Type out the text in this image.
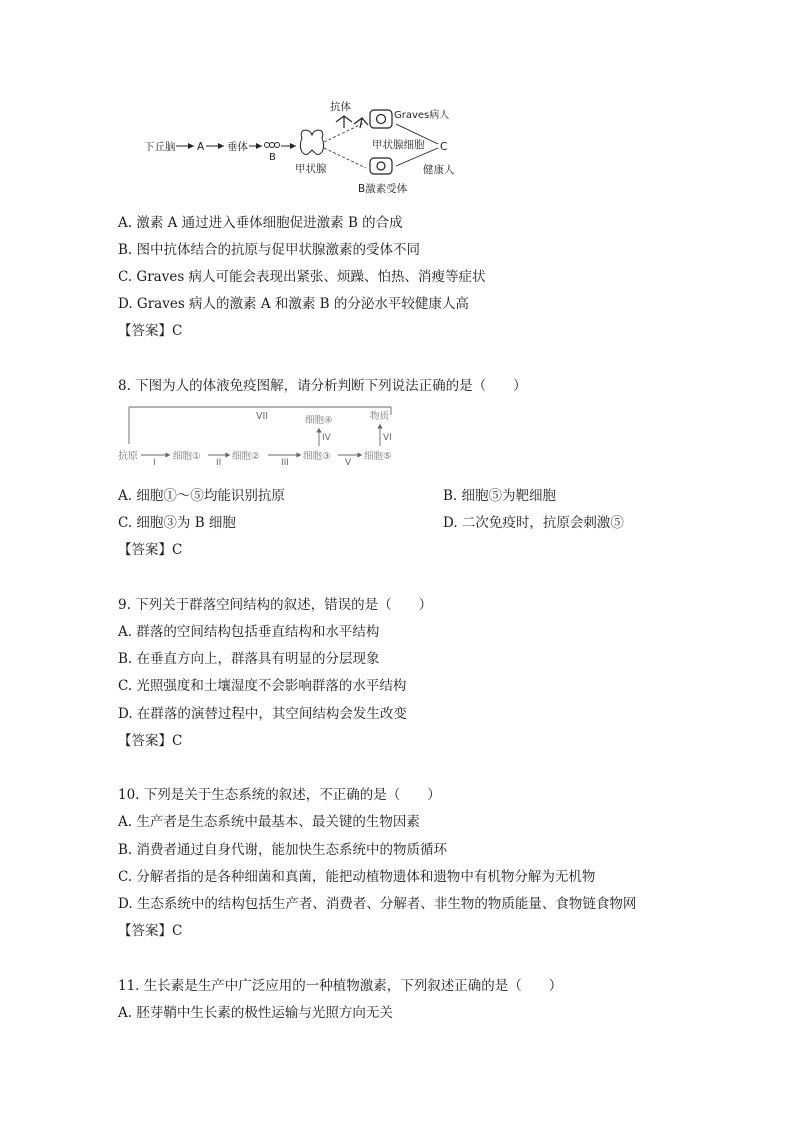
下丘脑 A 垂体
B
甲状腺
抗体
Graves病人
甲状腺细胞 C
健康人
B激素受体
A. 激素 A 通过进入垂体细胞促进激素 B 的合成
B. 图中抗体结合的抗原与促甲状腺激素的受体不同
C. Graves 病人可能会表现出紧张、烦躁、怕热、消瘦等症状
D. Graves 病人的激素 A 和激素 B 的分泌水平较健康人高
【答案】C
8. 下图为人的体液免疫图解，请分析判断下列说法正确的是（　　）
VII	细胞④	物质
IV	VI
抗原
I
细胞①
II
细胞②
III
细胞③
V
细胞⑤
A. 细胞①～⑤均能识别抗原	B. 细胞⑤为靶细胞
C. 细胞③为 B 细胞	D. 二次免疫时，抗原会刺激⑤
【答案】C
9. 下列关于群落空间结构的叙述，错误的是（　　）
A. 群落的空间结构包括垂直结构和水平结构
B. 在垂直方向上，群落具有明显的分层现象
C. 光照强度和土壤湿度不会影响群落的水平结构
D. 在群落的演替过程中，其空间结构会发生改变
【答案】C
10. 下列是关于生态系统的叙述，不正确的是（　　）
A. 生产者是生态系统中最基本、最关键的生物因素
B. 消费者通过自身代谢，能加快生态系统中的物质循环
C. 分解者指的是各种细菌和真菌，能把动植物遗体和遗物中有机物分解为无机物
D. 生态系统中的结构包括生产者、消费者、分解者、非生物的物质能量、食物链食物网
【答案】C
11. 生长素是生产中广泛应用的一种植物激素，下列叙述正确的是（　　）
A. 胚芽鞘中生长素的极性运输与光照方向无关
